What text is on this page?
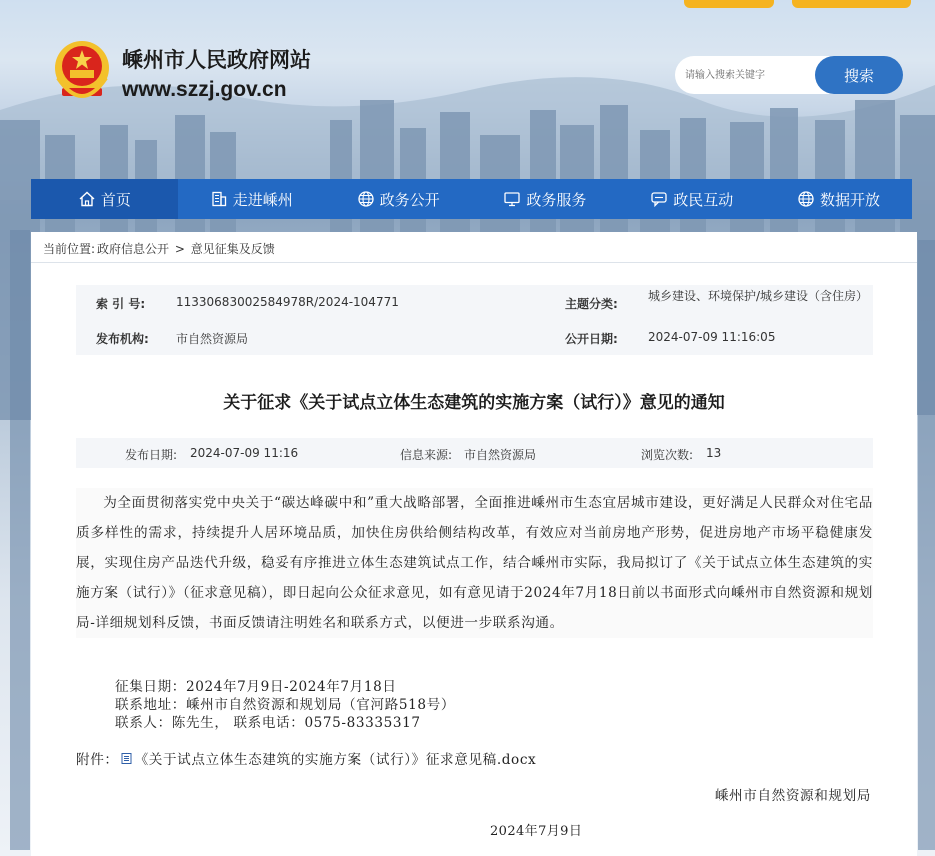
嵊州市人民政府网站
www.szzj.gov.cn
请输入搜索关键字
搜索
首页	走进嵊州	政务公开	政务服务	政民互动	数据开放
当前位置: 政府信息公开 > 意见征集及反馈
索 引 号:	11330683002584978R/2024-104771	主题分类:
城乡建设、环境保护/城乡建设（含住房）
发布机构: 市自然资源局	公开日期:	2024-07-09 11:16:05
关于征求《关于试点立体生态建筑的实施方案（试行）》意见的通知
发布日期: 2024-07-09 11:16	信息来源: 市自然资源局	浏览次数: 13
为全面贯彻落实党中央关于“碳达峰碳中和”重大战略部署，全面推进嵊州市生态宜居城市建设，更好满足人民群众对住宅品质多样性的需求，持续提升人居环境品质，加快住房供给侧结构改革，有效应对当前房地产形势，促进房地产市场平稳健康发展，实现住房产品迭代升级，稳妥有序推进立体生态建筑试点工作，结合嵊州市实际，我局拟订了《关于试点立体生态建筑的实施方案（试行）》（征求意见稿），即日起向公众征求意见，如有意见请于2024年7月18日前以书面形式向嵊州市自然资源和规划局-详细规划科反馈，书面反馈请注明姓名和联系方式，以便进一步联系沟通。
征集日期：2024年7月9日-2024年7月18日
联系地址：嵊州市自然资源和规划局（官河路518号）
联系人：陈先生， 联系电话：0575-83335317
附件： 《关于试点立体生态建筑的实施方案（试行）》征求意见稿.docx
嵊州市自然资源和规划局
2024年7月9日
